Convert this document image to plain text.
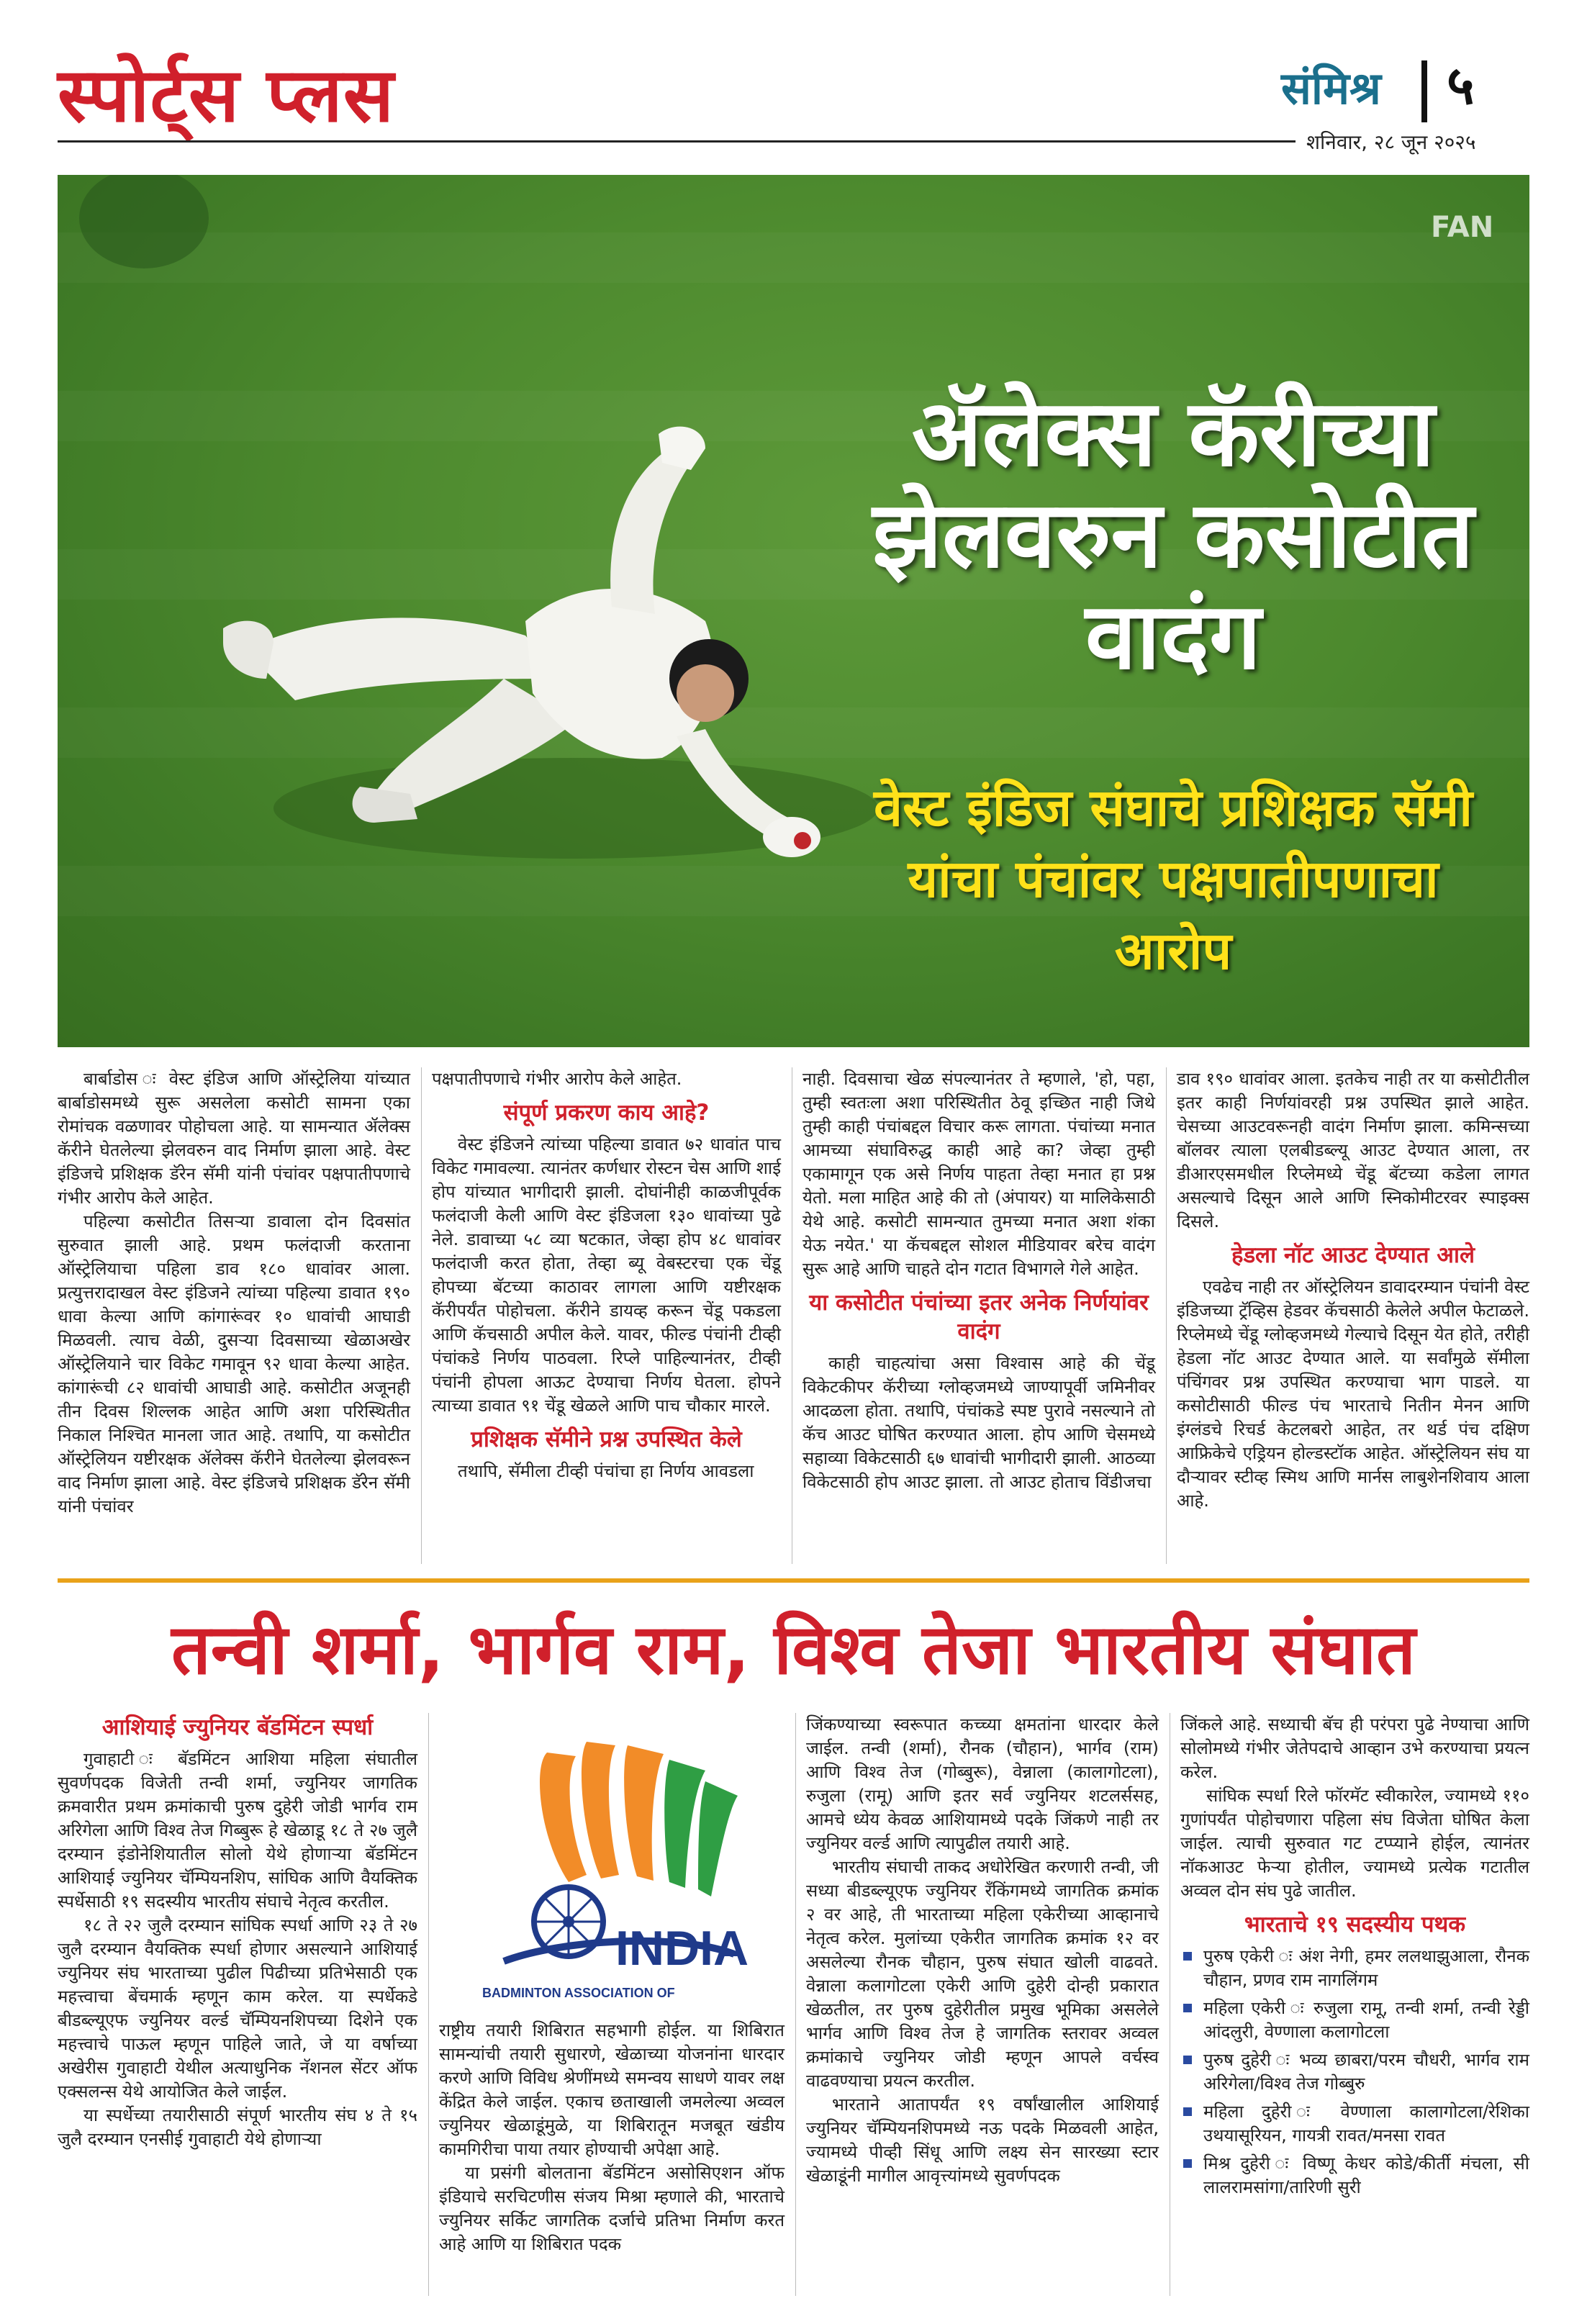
स्पोर्ट्स प्लस	संमिश्र ५
शनिवार, २८ जून २०२५
FAN
ॲलेक्स कॅरीच्या झेलवरुन कसोटीत वादंग
वेस्ट इंडिज संघाचे प्रशिक्षक सॅमी यांचा पंचांवर पक्षपातीपणाचा आरोप

बार्बाडोस ः वेस्ट इंडिज आणि ऑस्ट्रेलिया यांच्यात बार्बाडोसमध्ये सुरू असलेला कसोटी सामना एका रोमांचक वळणावर पोहोचला आहे. या सामन्यात ॲलेक्स कॅरीने घेतलेल्या झेलवरुन वाद निर्माण झाला आहे. वेस्ट इंडिजचे प्रशिक्षक डॅरेन सॅमी यांनी पंचांवर पक्षपातीपणाचे गंभीर आरोप केले आहेत.

पहिल्या कसोटीत तिसऱ्या डावाला दोन दिवसांत सुरुवात झाली आहे. प्रथम फलंदाजी करताना ऑस्ट्रेलियाचा पहिला डाव १८० धावांवर आला. प्रत्युत्तरादाखल वेस्ट इंडिजने त्यांच्या पहिल्या डावात १९० धावा केल्या आणि कांगारूंवर १० धावांची आघाडी मिळवली. त्याच वेळी, दुसऱ्या दिवसाच्या खेळाअखेर ऑस्ट्रेलियाने चार विकेट गमावून ९२ धावा केल्या आहेत. कांगारूंची ८२ धावांची आघाडी आहे. कसोटीत अजूनही तीन दिवस शिल्लक आहेत आणि अशा परिस्थितीत निकाल निश्चित मानला जात आहे. तथापि, या कसोटीत ऑस्ट्रेलियन यष्टीरक्षक ॲलेक्स कॅरीने घेतलेल्या झेलवरून वाद निर्माण झाला आहे. वेस्ट इंडिजचे प्रशिक्षक डॅरेन सॅमी यांनी पंचांवर

पक्षपातीपणाचे गंभीर आरोप केले आहेत.

संपूर्ण प्रकरण काय आहे?

वेस्ट इंडिजने त्यांच्या पहिल्या डावात ७२ धावांत पाच विकेट गमावल्या. त्यानंतर कर्णधार रोस्टन चेस आणि शाई होप यांच्यात भागीदारी झाली. दोघांनीही काळजीपूर्वक फलंदाजी केली आणि वेस्ट इंडिजला १३० धावांच्या पुढे नेले. डावाच्या ५८ व्या षटकात, जेव्हा होप ४८ धावांवर फलंदाजी करत होता, तेव्हा ब्यू वेबस्टरचा एक चेंडू होपच्या बॅटच्या काठावर लागला आणि यष्टीरक्षक कॅरीपर्यंत पोहोचला. कॅरीने डायव्ह करून चेंडू पकडला आणि कॅचसाठी अपील केले. यावर, फील्ड पंचांनी टीव्ही पंचांकडे निर्णय पाठवला. रिप्ले पाहिल्यानंतर, टीव्ही पंचांनी होपला आऊट देण्याचा निर्णय घेतला. होपने त्याच्या डावात ९१ चेंडू खेळले आणि पाच चौकार मारले.

प्रशिक्षक सॅमीने प्रश्न उपस्थित केले

तथापि, सॅमीला टीव्ही पंचांचा हा निर्णय आवडला

नाही. दिवसाचा खेळ संपल्यानंतर ते म्हणाले, 'हो, पहा, तुम्ही स्वतःला अशा परिस्थितीत ठेवू इच्छित नाही जिथे तुम्ही काही पंचांबद्दल विचार करू लागता. पंचांच्या मनात आमच्या संघाविरुद्ध काही आहे का? जेव्हा तुम्ही एकामागून एक असे निर्णय पाहता तेव्हा मनात हा प्रश्न येतो. मला माहित आहे की तो (अंपायर) या मालिकेसाठी येथे आहे. कसोटी सामन्यात तुमच्या मनात अशा शंका येऊ नयेत.' या कॅचबद्दल सोशल मीडियावर बरेच वादंग सुरू आहे आणि चाहते दोन गटात विभागले गेले आहेत.

या कसोटीत पंचांच्या इतर अनेक निर्णयांवर वादंग

काही चाहत्यांचा असा विश्वास आहे की चेंडू विकेटकीपर कॅरीच्या ग्लोव्हजमध्ये जाण्यापूर्वी जमिनीवर आदळला होता. तथापि, पंचांकडे स्पष्ट पुरावे नसल्याने तो कॅच आउट घोषित करण्यात आला. होप आणि चेसमध्ये सहाव्या विकेटसाठी ६७ धावांची भागीदारी झाली. आठव्या विकेटसाठी होप आउट झाला. तो आउट होताच विंडीजचा

डाव १९० धावांवर आला. इतकेच नाही तर या कसोटीतील इतर काही निर्णयांवरही प्रश्न उपस्थित झाले आहेत. चेसच्या आउटवरूनही वादंग निर्माण झाला. कमिन्सच्या बॉलवर त्याला एलबीडब्ल्यू आउट देण्यात आला, तर डीआरएसमधील रिप्लेमध्ये चेंडू बॅटच्या कडेला लागत असल्याचे दिसून आले आणि स्निकोमीटरवर स्पाइक्स दिसले.

हेडला नॉट आउट देण्यात आले

एवढेच नाही तर ऑस्ट्रेलियन डावादरम्यान पंचांनी वेस्ट इंडिजच्या ट्रॅव्हिस हेडवर कॅचसाठी केलेले अपील फेटाळले. रिप्लेमध्ये चेंडू ग्लोव्हजमध्ये गेल्याचे दिसून येत होते, तरीही हेडला नॉट आउट देण्यात आले. या सर्वांमुळे सॅमीला पंचिंगवर प्रश्न उपस्थित करण्याचा भाग पाडले. या कसोटीसाठी फील्ड पंच भारताचे नितीन मेनन आणि इंग्लंडचे रिचर्ड केटलबरो आहेत, तर थर्ड पंच दक्षिण आफ्रिकेचे एड्रियन होल्डस्टॉक आहेत. ऑस्ट्रेलियन संघ या दौऱ्यावर स्टीव्ह स्मिथ आणि मार्नस लाबुशेनशिवाय आला आहे.

तन्वी शर्मा, भार्गव राम, विश्व तेजा भारतीय संघात
आशियाई ज्युनियर बॅडमिंटन स्पर्धा

गुवाहाटी ः बॅडमिंटन आशिया महिला संघातील सुवर्णपदक विजेती तन्वी शर्मा, ज्युनियर जागतिक क्रमवारीत प्रथम क्रमांकाची पुरुष दुहेरी जोडी भार्गव राम अरिगेला आणि विश्व तेज गिब्बुरू हे खेळाडू १८ ते २७ जुलै दरम्यान इंडोनेशियातील सोलो येथे होणाऱ्या बॅडमिंटन आशियाई ज्युनियर चॅम्पियनशिप, सांघिक आणि वैयक्तिक स्पर्धेसाठी १९ सदस्यीय भारतीय संघाचे नेतृत्व करतील.

१८ ते २२ जुलै दरम्यान सांघिक स्पर्धा आणि २३ ते २७ जुलै दरम्यान वैयक्तिक स्पर्धा होणार असल्याने आशियाई ज्युनियर संघ भारताच्या पुढील पिढीच्या प्रतिभेसाठी एक महत्त्वाचा बेंचमार्क म्हणून काम करेल. या स्पर्धेकडे बीडब्ल्यूएफ ज्युनियर वर्ल्ड चॅम्पियनशिपच्या दिशेने एक महत्त्वाचे पाऊल म्हणून पाहिले जाते, जे या वर्षाच्या अखेरीस गुवाहाटी येथील अत्याधुनिक नॅशनल सेंटर ऑफ एक्सलन्स येथे आयोजित केले जाईल.

या स्पर्धेच्या तयारीसाठी संपूर्ण भारतीय संघ ४ ते १५ जुलै दरम्यान एनसीई गुवाहाटी येथे होणाऱ्या

INDIA
BADMINTON ASSOCIATION OF

राष्ट्रीय तयारी शिबिरात सहभागी होईल. या शिबिरात सामन्यांची तयारी सुधारणे, खेळाच्या योजनांना धारदार करणे आणि विविध श्रेणींमध्ये समन्वय साधणे यावर लक्ष केंद्रित केले जाईल. एकाच छताखाली जमलेल्या अव्वल ज्युनियर खेळाडूंमुळे, या शिबिरातून मजबूत खंडीय कामगिरीचा पाया तयार होण्याची अपेक्षा आहे.

या प्रसंगी बोलताना बॅडमिंटन असोसिएशन ऑफ इंडियाचे सरचिटणीस संजय मिश्रा म्हणाले की, भारताचे ज्युनियर सर्किट जागतिक दर्जाचे प्रतिभा निर्माण करत आहे आणि या शिबिरात पदक

जिंकण्याच्या स्वरूपात कच्च्या क्षमतांना धारदार केले जाईल. तन्वी (शर्मा), रौनक (चौहान), भार्गव (राम) आणि विश्व तेज (गोब्बुरू), वेन्नाला (कालागोटला), रुजुला (रामू) आणि इतर सर्व ज्युनियर शटलर्ससह, आमचे ध्येय केवळ आशियामध्ये पदके जिंकणे नाही तर ज्युनियर वर्ल्ड आणि त्यापुढील तयारी आहे.

भारतीय संघाची ताकद अधोरेखित करणारी तन्वी, जी सध्या बीडब्ल्यूएफ ज्युनियर रँकिंगमध्ये जागतिक क्रमांक २ वर आहे, ती भारताच्या महिला एकेरीच्या आव्हानाचे नेतृत्व करेल. मुलांच्या एकेरीत जागतिक क्रमांक १२ वर असलेल्या रौनक चौहान, पुरुष संघात खोली वाढवते. वेन्नाला कलागोटला एकेरी आणि दुहेरी दोन्ही प्रकारात खेळतील, तर पुरुष दुहेरीतील प्रमुख भूमिका असलेले भार्गव आणि विश्व तेज हे जागतिक स्तरावर अव्वल क्रमांकाचे ज्युनियर जोडी म्हणून आपले वर्चस्व वाढवण्याचा प्रयत्न करतील.

भारताने आतापर्यंत १९ वर्षांखालील आशियाई ज्युनियर चॅम्पियनशिपमध्ये नऊ पदके मिळवली आहेत, ज्यामध्ये पीव्ही सिंधू आणि लक्ष्य सेन सारख्या स्टार खेळाडूंनी मागील आवृत्त्यांमध्ये सुवर्णपदक

जिंकले आहे. सध्याची बॅच ही परंपरा पुढे नेण्याचा आणि सोलोमध्ये गंभीर जेतेपदाचे आव्हान उभे करण्याचा प्रयत्न करेल.

सांघिक स्पर्धा रिले फॉरमॅट स्वीकारेल, ज्यामध्ये ११० गुणांपर्यंत पोहोचणारा पहिला संघ विजेता घोषित केला जाईल. त्याची सुरुवात गट टप्प्याने होईल, त्यानंतर नॉकआउट फेऱ्या होतील, ज्यामध्ये प्रत्येक गटातील अव्वल दोन संघ पुढे जातील.

भारताचे १९ सदस्यीय पथक
पुरुष एकेरी ः अंश नेगी, हमर ललथाझुआला, रौनक चौहान, प्रणव राम नागलिंगम
महिला एकेरी ः रुजुला रामू, तन्वी शर्मा, तन्वी रेड्डी आंदलुरी, वेण्णाला कलागोटला
पुरुष दुहेरी ः भव्य छाबरा/परम चौधरी, भार्गव राम अरिगेला/विश्व तेज गोब्बुरु
महिला दुहेरी ः वेण्णाला कालागोटला/रेशिका उथयासूरियन, गायत्री रावत/मनसा रावत
मिश्र दुहेरी ः विष्णू केधर कोडे/कीर्ती मंचला, सी लालरामसांगा/तारिणी सुरी
